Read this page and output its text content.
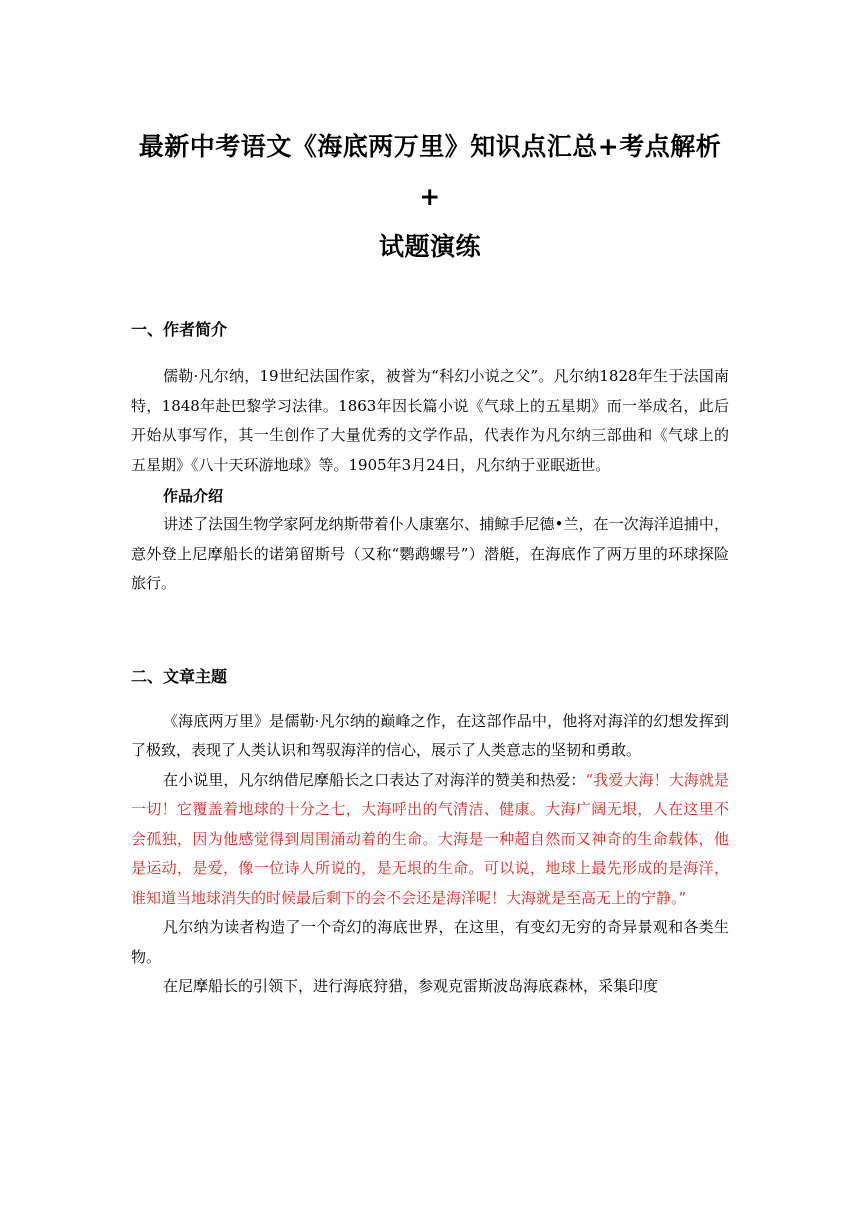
最新中考语文《海底两万里》知识点汇总+考点解析+
试题演练
一、作者简介

儒勒·凡尔纳，19世纪法国作家，被誉为“科幻小说之父”。凡尔纳1828年生于法国南特，1848年赴巴黎学习法律。1863年因长篇小说《气球上的五星期》而一举成名，此后开始从事写作，其一生创作了大量优秀的文学作品，代表作为凡尔纳三部曲和《气球上的五星期》《八十天环游地球》等。1905年3月24日，凡尔纳于亚眠逝世。

作品介绍

讲述了法国生物学家阿龙纳斯带着仆人康塞尔、捕鲸手尼德•兰，在一次海洋追捕中，意外登上尼摩船长的诺第留斯号（又称“鹦鹉螺号”）潜艇，在海底作了两万里的环球探险旅行。

二、文章主题

《海底两万里》是儒勒·凡尔纳的巅峰之作，在这部作品中，他将对海洋的幻想发挥到了极致，表现了人类认识和驾驭海洋的信心，展示了人类意志的坚韧和勇敢。

在小说里，凡尔纳借尼摩船长之口表达了对海洋的赞美和热爱：“我爱大海！大海就是一切！它覆盖着地球的十分之七，大海呼出的气清洁、健康。大海广阔无垠，人在这里不会孤独，因为他感觉得到周围涌动着的生命。大海是一种超自然而又神奇的生命载体，他是运动，是爱，像一位诗人所说的，是无垠的生命。可以说，地球上最先形成的是海洋，谁知道当地球消失的时候最后剩下的会不会还是海洋呢！大海就是至高无上的宁静。”

凡尔纳为读者构造了一个奇幻的海底世界，在这里，有变幻无穷的奇异景观和各类生物。

在尼摩船长的引领下，进行海底狩猎，参观克雷斯波岛海底森林，采集印度
